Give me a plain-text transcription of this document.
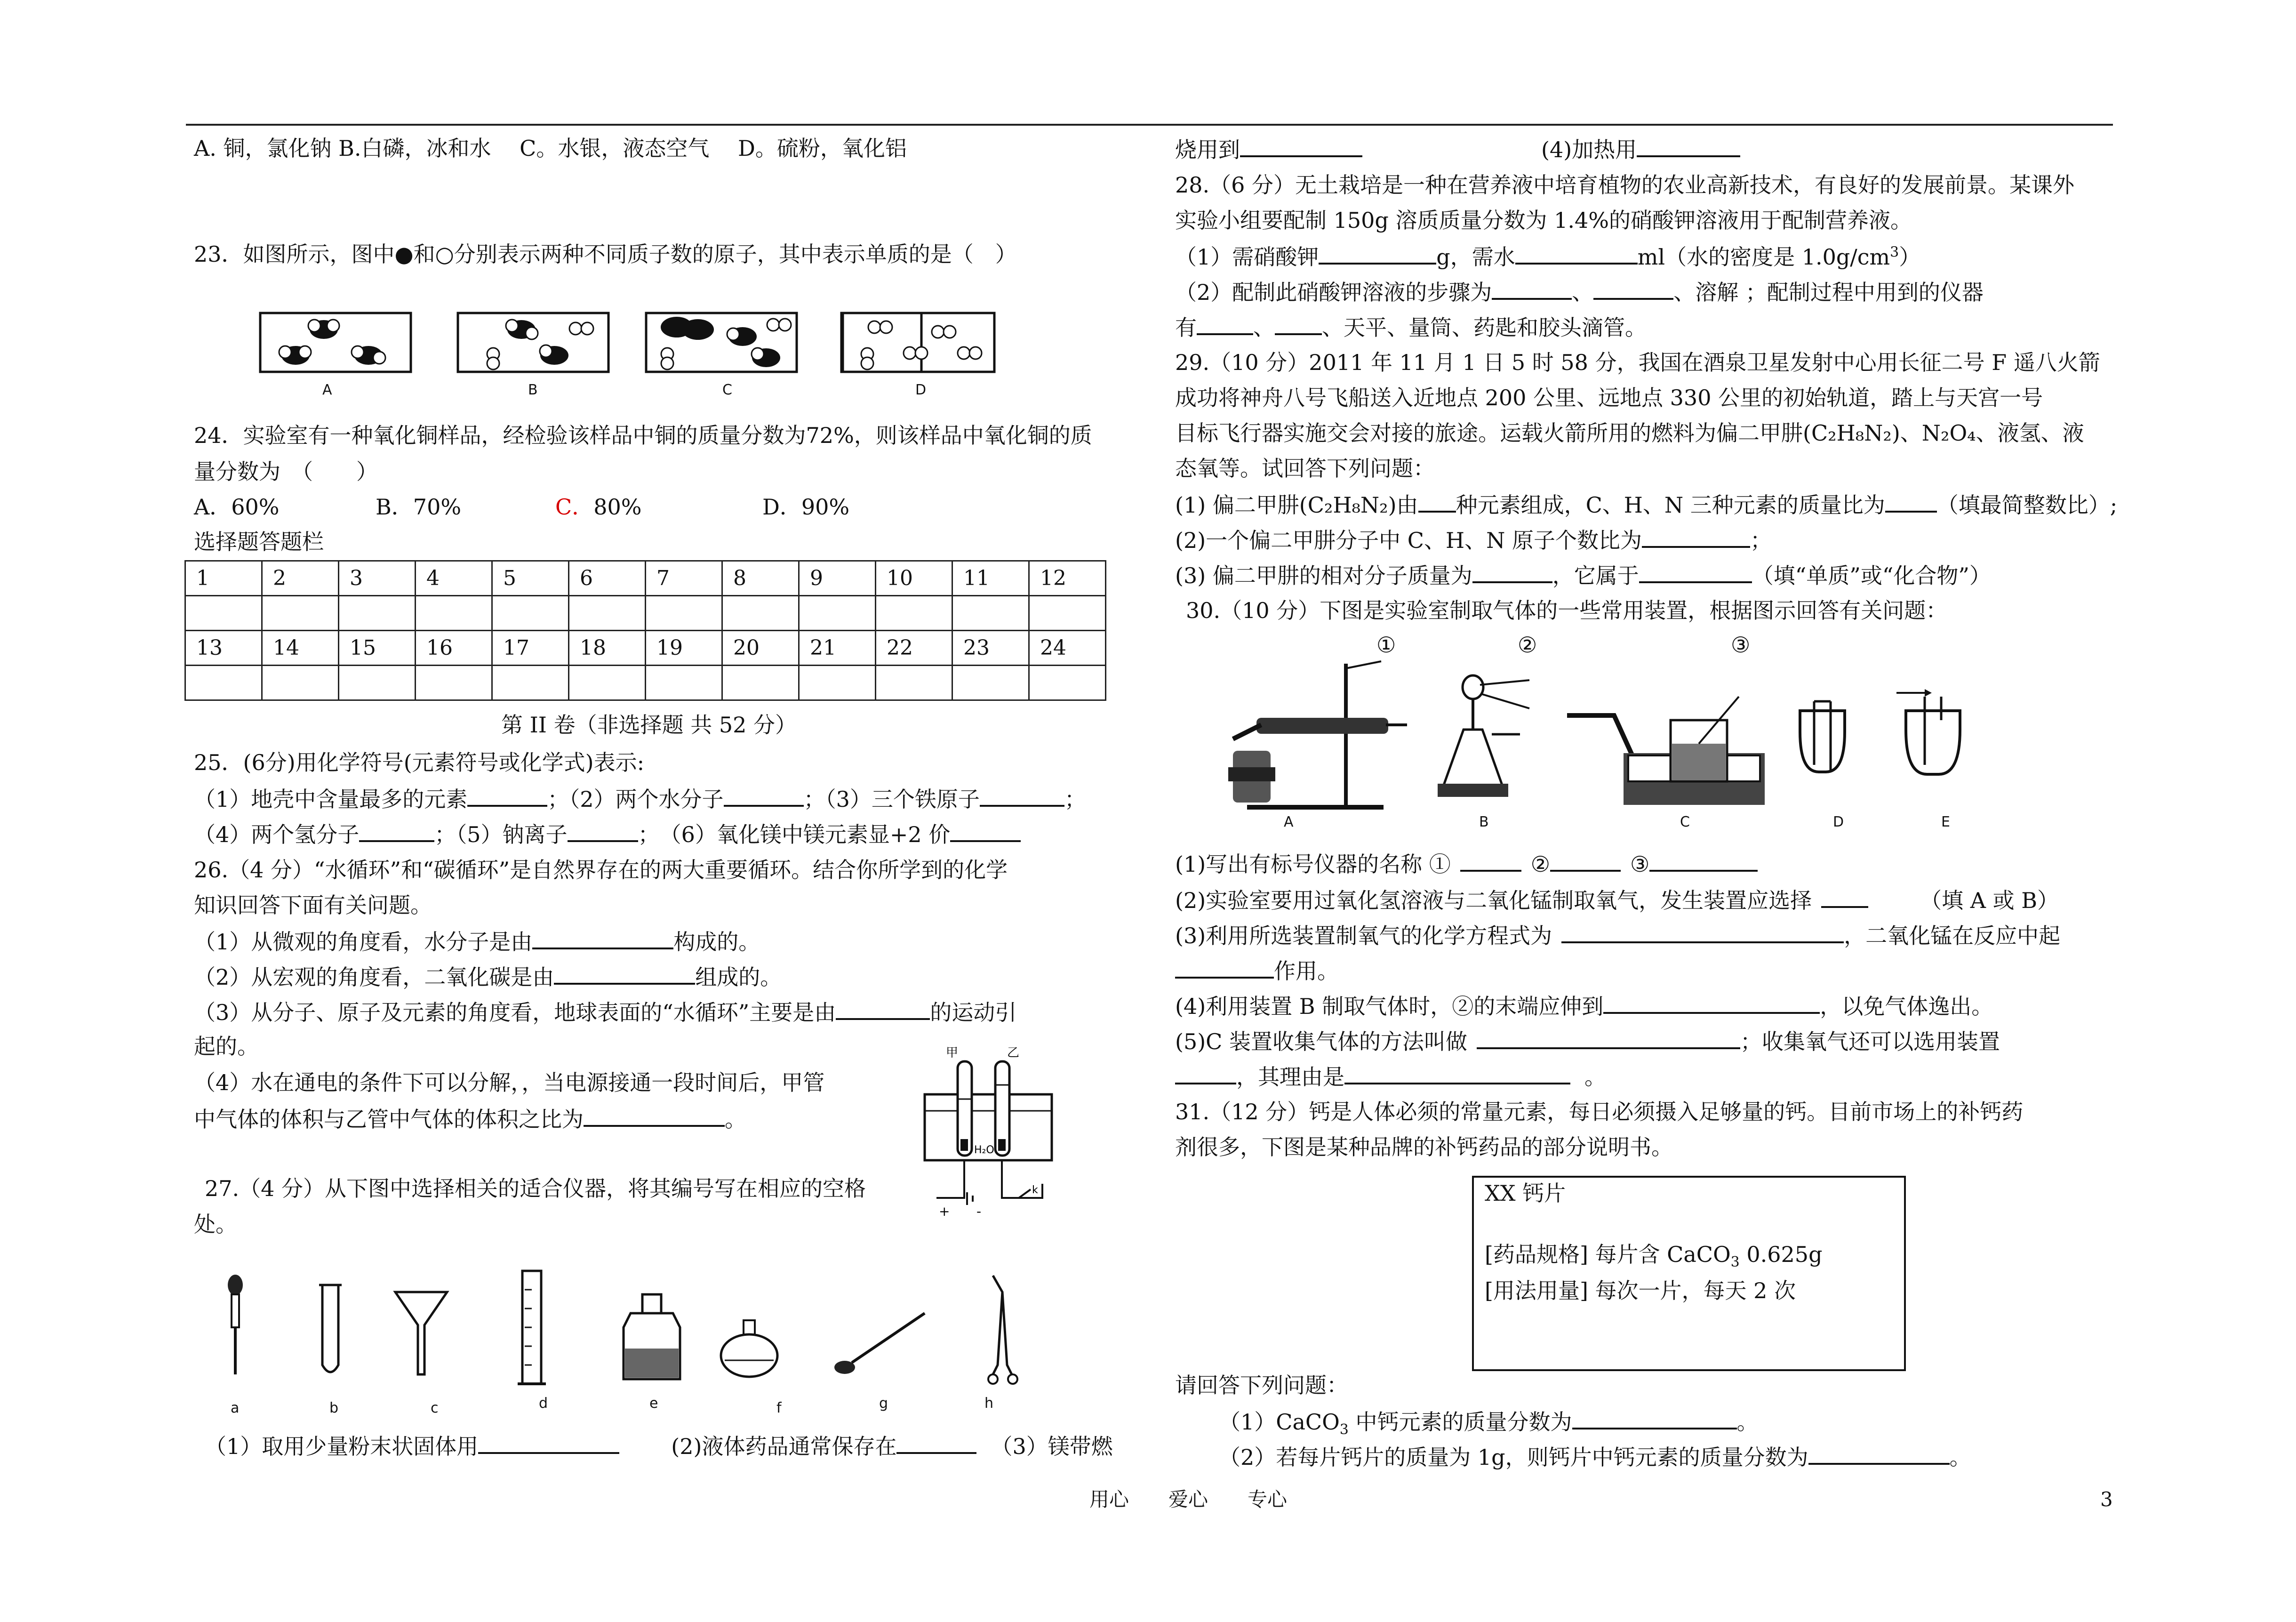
A. 铜，氯化钠 B.白磷，冰和水　 C。水银，液态空气　 D。硫粉，氧化铝
23．如图所示，图中●和○分别表示两种不同质子数的原子，其中表示单质的是（　）
A	B	C	D
24．实验室有一种氧化铜样品，经检验该样品中铜的质量分数为72%，则该样品中氧化铜的质
量分数为　（　　）
A．60%	B．70%	C．80%	D．90%
选择题答题栏
1	2	3	4	5	6	7	8	9	10	11	12

13	14	15	16	17	18	19	20	21	22	23	24

第 II 卷（非选择题 共 52 分）
25．(6分)用化学符号(元素符号或化学式)表示:
（1）地壳中含量最多的元素	；（2）两个水分子	；（3）三个铁原子	；
（4）两个氢分子	；（5）钠离子	；　（6）氧化镁中镁元素显+2 价
26.（4 分）“水循环”和“碳循环”是自然界存在的两大重要循环。结合你所学到的化学
知识回答下面有关问题。
（1）从微观的角度看，水分子是由	构成的。
（2）从宏观的角度看，二氧化碳是由	组成的。
（3）从分子、原子及元素的角度看，地球表面的“水循环”主要是由	的运动引
起的。
（4）水在通电的条件下可以分解，，当电源接通一段时间后，甲管
中气体的体积与乙管中气体的体积之比为	。
甲	乙
H₂O
+ -
k
27.（4 分）从下图中选择相关的适合仪器，将其编号写在相应的空格
处。
a	b	c	d	e	f	g	h
（1）取用少量粉末状固体用	(2)液体药品通常保存在	（3）镁带燃
烧用到	(4)加热用
28.（6 分）无土栽培是一种在营养液中培育植物的农业高新技术，有良好的发展前景。某课外
实验小组要配制 150g 溶质质量分数为 1.4%的硝酸钾溶液用于配制营养液。
（1）需硝酸钾	g，需水	ml（水的密度是 $1.0g/cm^3$）
（2）配制此硝酸钾溶液的步骤为	、	、溶解 ；配制过程中用到的仪器
有	、 、天平、量筒、药匙和胶头滴管。
29.（10 分）2011 年 11 月 1 日 5 时 58 分，我国在酒泉卫星发射中心用长征二号 F 遥八火箭
成功将神舟八号飞船送入近地点 200 公里、远地点 330 公里的初始轨道，踏上与天宫一号
目标飞行器实施交会对接的旅途。运载火箭所用的燃料为偏二甲肼(C₂H₈N₂)、N₂O₄、液氢、液
态氧等。试回答下列问题：
(1) 偏二甲肼(C₂H₈N₂)由 种元素组成，C、H、N 三种元素的质量比为 （填最简整数比）;
(2)一个偏二甲肼分子中 C、H、N 原子个数比为	；
(3) 偏二甲肼的相对分子质量为	，它属于	（填“单质”或“化合物”）
30.（10 分）下图是实验室制取气体的一些常用装置，根据图示回答有关问题：
①	②	③
A	B	C	D	E
(1)写出有标号仪器的名称 ①	②	③
(2)实验室要用过氧化氢溶液与二氧化锰制取氧气，发生装置应选择	（填 A 或 B）
(3)利用所选装置制氧气的化学方程式为	，二氧化锰在反应中起
作用。
(4)利用装置 B 制取气体时，②的末端应伸到	，以免气体逸出。
(5)C 装置收集气体的方法叫做	；收集氧气还可以选用装置
，其理由是	。
31.（12 分）钙是人体必须的常量元素，每日必须摄入足够量的钙。目前市场上的补钙药
剂很多，下图是某种品牌的补钙药品的部分说明书。
XX 钙片
[药品规格] 每片含 CaCO$_3$ 0.625g
[用法用量] 每次一片，每天 2 次
请回答下列问题：
（1）CaCO$_3$ 中钙元素的质量分数为	。
（2）若每片钙片的质量为 1g，则钙片中钙元素的质量分数为	。
用心　　爱心　　专心	3
